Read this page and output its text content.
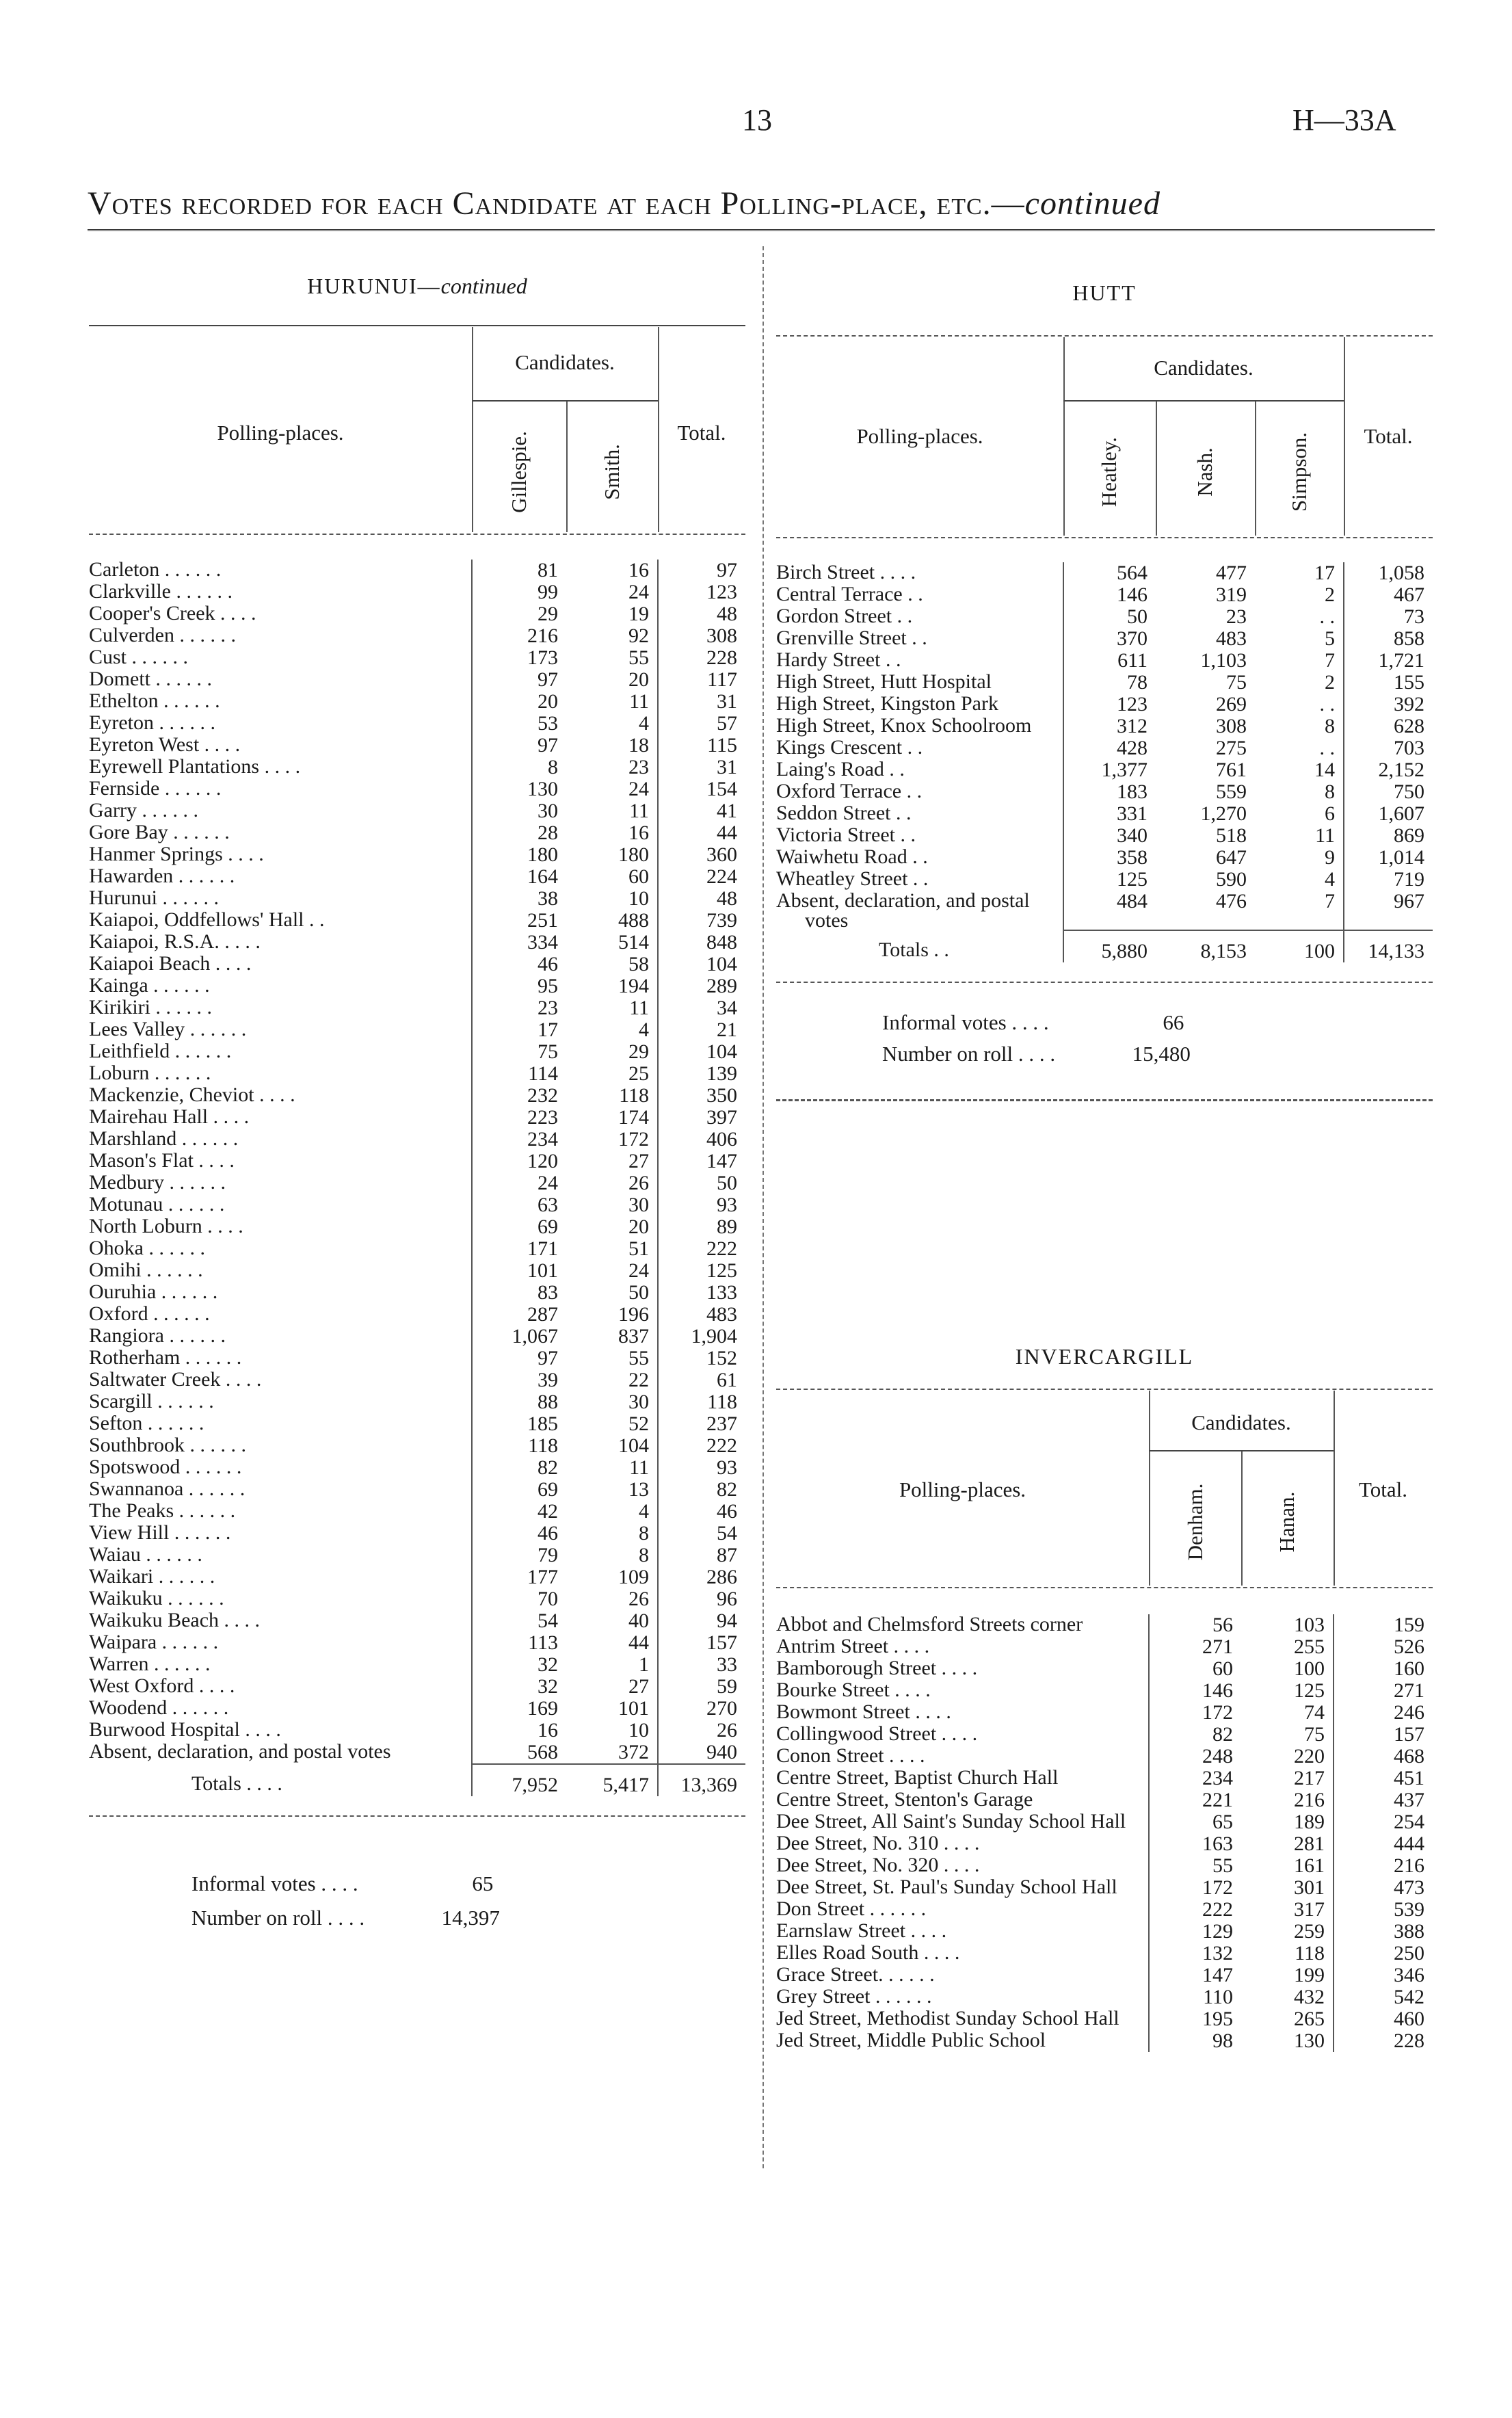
13	H—33A
Votes recorded for each Candidate at each Polling-place, etc.—continued
HURUNUI—continued
Polling-places.
Candidates.
Total.
Gillespie.	Smith.
Carleton . . . . . .	81	16	97
Clarkville . . . . . .	99	24	123
Cooper's Creek . . . .	29	19	48
Culverden . . . . . .	216	92	308
Cust . . . . . .	173	55	228
Domett . . . . . .	97	20	117
Ethelton . . . . . .	20	11	31
Eyreton . . . . . .	53	4	57
Eyreton West . . . .	97	18	115
Eyrewell Plantations . . . .	8	23	31
Fernside . . . . . .	130	24	154
Garry . . . . . .	30	11	41
Gore Bay . . . . . .	28	16	44
Hanmer Springs . . . .	180	180	360
Hawarden . . . . . .	164	60	224
Hurunui . . . . . .	38	10	48
Kaiapoi, Oddfellows' Hall . .	251	488	739
Kaiapoi, R.S.A. . . . .	334	514	848
Kaiapoi Beach . . . .	46	58	104
Kainga . . . . . .	95	194	289
Kirikiri . . . . . .	23	11	34
Lees Valley . . . . . .	17	4	21
Leithfield . . . . . .	75	29	104
Loburn . . . . . .	114	25	139
Mackenzie, Cheviot . . . .	232	118	350
Mairehau Hall . . . .	223	174	397
Marshland . . . . . .	234	172	406
Mason's Flat . . . .	120	27	147
Medbury . . . . . .	24	26	50
Motunau . . . . . .	63	30	93
North Loburn . . . .	69	20	89
Ohoka . . . . . .	171	51	222
Omihi . . . . . .	101	24	125
Ouruhia . . . . . .	83	50	133
Oxford . . . . . .	287	196	483
Rangiora . . . . . .	1,067	837	1,904
Rotherham . . . . . .	97	55	152
Saltwater Creek . . . .	39	22	61
Scargill . . . . . .	88	30	118
Sefton . . . . . .	185	52	237
Southbrook . . . . . .	118	104	222
Spotswood . . . . . .	82	11	93
Swannanoa . . . . . .	69	13	82
The Peaks . . . . . .	42	4	46
View Hill . . . . . .	46	8	54
Waiau . . . . . .	79	8	87
Waikari . . . . . .	177	109	286
Waikuku . . . . . .	70	26	96
Waikuku Beach . . . .	54	40	94
Waipara . . . . . .	113	44	157
Warren . . . . . .	32	1	33
West Oxford . . . .	32	27	59
Woodend . . . . . .	169	101	270
Burwood Hospital . . . .	16	10	26
Absent, declaration, and postal votes	568	372	940
Totals . . . .	7,952	5,417	13,369
Informal votes . . . .	65
Number on roll . . . .	14,397
HUTT
Polling-places.
Candidates.
Total.
Heatley.	Nash.	Simpson.
Birch Street . . . .	564	477	17	1,058
Central Terrace . .	146	319	2	467
Gordon Street . .	50	23	. .	73
Grenville Street . .	370	483	5	858
Hardy Street . .	611	1,103	7	1,721
High Street, Hutt Hospital	78	75	2	155
High Street, Kingston Park	123	269	. .	392
High Street, Knox Schoolroom	312	308	8	628
Kings Crescent . .	428	275	. .	703
Laing's Road . .	1,377	761	14	2,152
Oxford Terrace . .	183	559	8	750
Seddon Street . .	331	1,270	6	1,607
Victoria Street . .	340	518	11	869
Waiwhetu Road . .	358	647	9	1,014
Wheatley Street . .	125	590	4	719
Absent, declaration, and postal votes	484	476	7	967
Totals . .	5,880	8,153	100	14,133
Informal votes . . . .	66
Number on roll . . . .	15,480
INVERCARGILL
Polling-places.
Candidates.
Total.
Denham.	Hanan.
Abbot and Chelmsford Streets corner	56	103	159
Antrim Street . . . .	271	255	526
Bamborough Street . . . .	60	100	160
Bourke Street . . . .	146	125	271
Bowmont Street . . . .	172	74	246
Collingwood Street . . . .	82	75	157
Conon Street . . . .	248	220	468
Centre Street, Baptist Church Hall	234	217	451
Centre Street, Stenton's Garage	221	216	437
Dee Street, All Saint's Sunday School Hall	65	189	254
Dee Street, No. 310 . . . .	163	281	444
Dee Street, No. 320 . . . .	55	161	216
Dee Street, St. Paul's Sunday School Hall	172	301	473
Don Street . . . . . .	222	317	539
Earnslaw Street . . . .	129	259	388
Elles Road South . . . .	132	118	250
Grace Street. . . . . .	147	199	346
Grey Street . . . . . .	110	432	542
Jed Street, Methodist Sunday School Hall	195	265	460
Jed Street, Middle Public School	98	130	228
